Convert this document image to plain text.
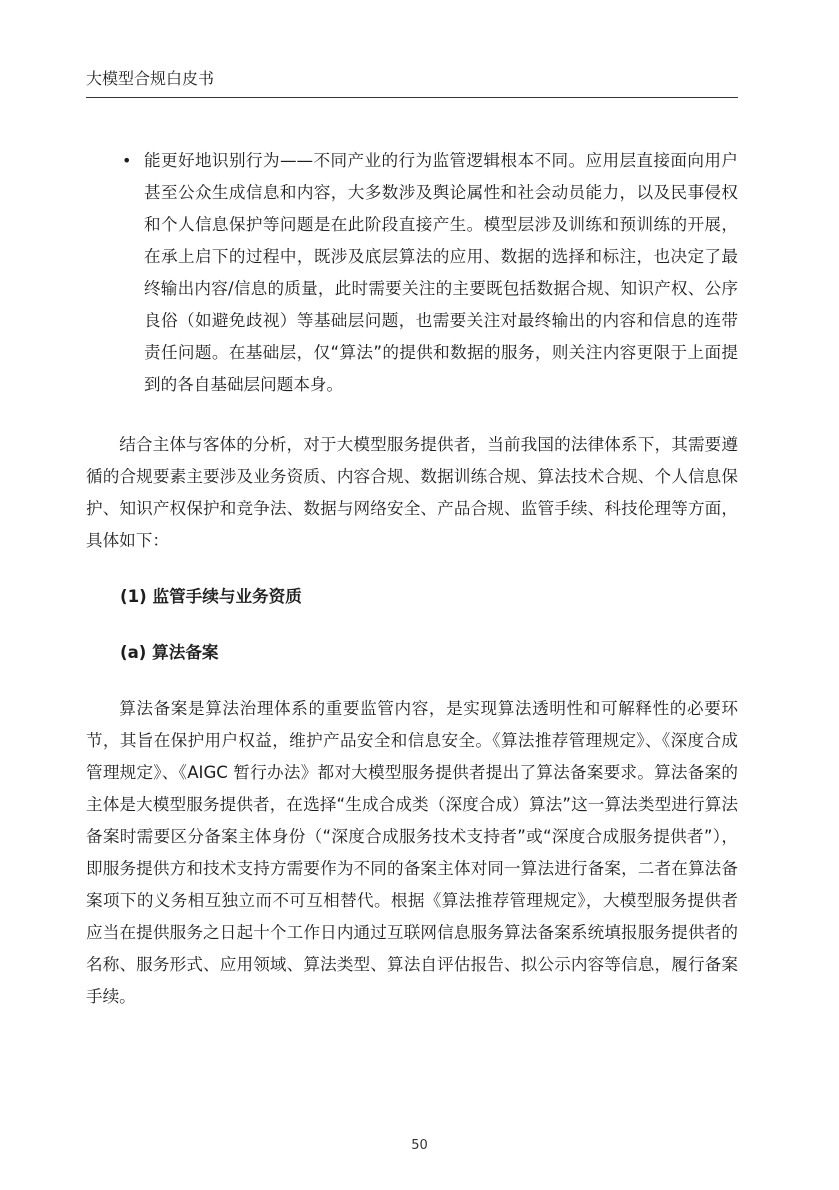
大模型合规白皮书
• 能更好地识别行为——不同产业的行为监管逻辑根本不同。应用层直接面向用户甚至公众生成信息和内容，大多数涉及舆论属性和社会动员能力，以及民事侵权和个人信息保护等问题是在此阶段直接产生。模型层涉及训练和预训练的开展，在承上启下的过程中，既涉及底层算法的应用、数据的选择和标注，也决定了最终输出内容/信息的质量，此时需要关注的主要既包括数据合规、知识产权、公序良俗（如避免歧视）等基础层问题，也需要关注对最终输出的内容和信息的连带责任问题。在基础层，仅“算法”的提供和数据的服务，则关注内容更限于上面提到的各自基础层问题本身。

结合主体与客体的分析，对于大模型服务提供者，当前我国的法律体系下，其需要遵循的合规要素主要涉及业务资质、内容合规、数据训练合规、算法技术合规、个人信息保护、知识产权保护和竞争法、数据与网络安全、产品合规、监管手续、科技伦理等方面，具体如下：

(1) 监管手续与业务资质

(a) 算法备案

算法备案是算法治理体系的重要监管内容，是实现算法透明性和可解释性的必要环节，其旨在保护用户权益，维护产品安全和信息安全。《算法推荐管理规定》、《深度合成管理规定》、《AIGC 暂行办法》都对大模型服务提供者提出了算法备案要求。算法备案的主体是大模型服务提供者，在选择“生成合成类（深度合成）算法”这一算法类型进行算法备案时需要区分备案主体身份（“深度合成服务技术支持者”或“深度合成服务提供者”），即服务提供方和技术支持方需要作为不同的备案主体对同一算法进行备案，二者在算法备案项下的义务相互独立而不可互相替代。根据《算法推荐管理规定》，大模型服务提供者应当在提供服务之日起十个工作日内通过互联网信息服务算法备案系统填报服务提供者的名称、服务形式、应用领域、算法类型、算法自评估报告、拟公示内容等信息，履行备案手续。

50
